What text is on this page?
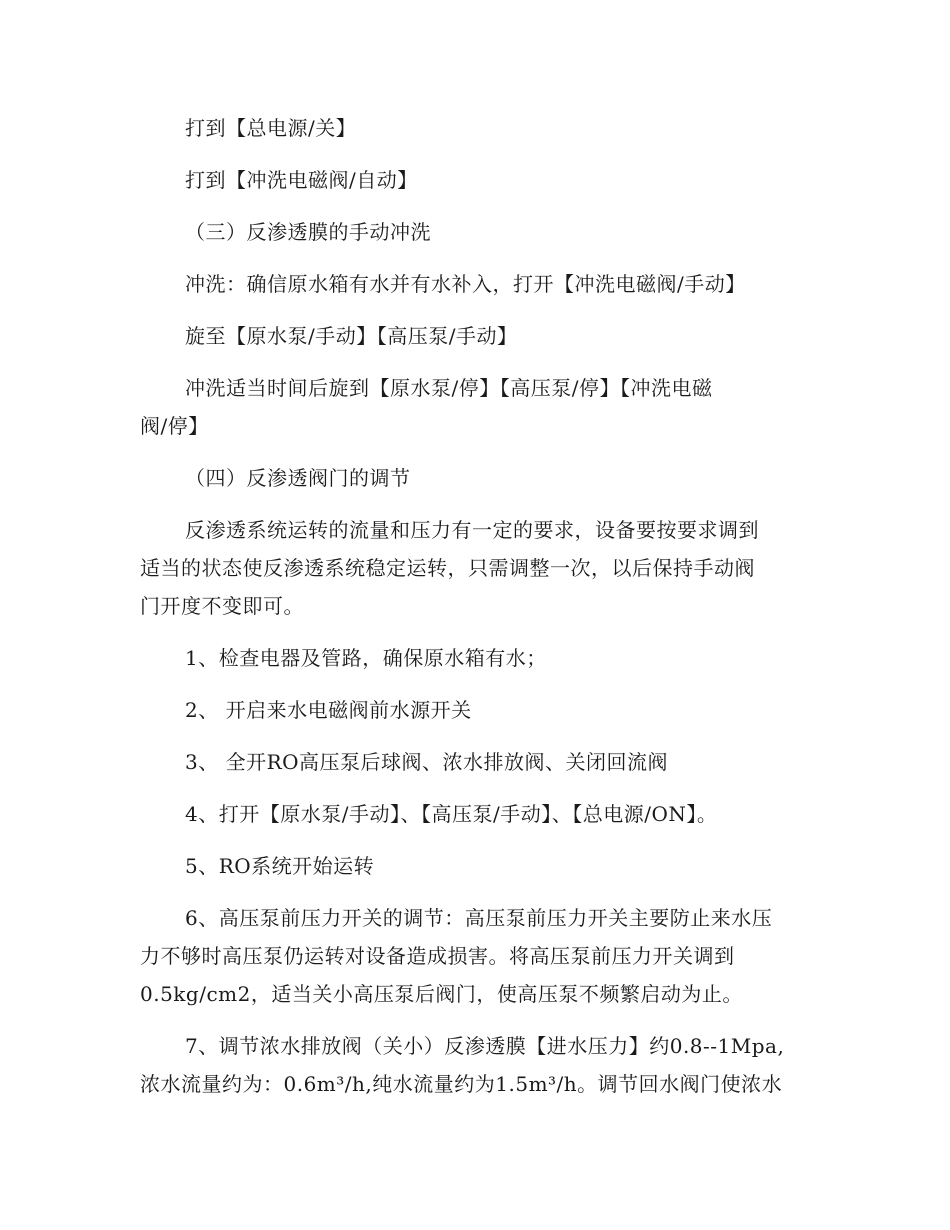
打到【总电源/关】

打到【冲洗电磁阀/自动】

（三）反渗透膜的手动冲洗

冲洗：确信原水箱有水并有水补入，打开【冲洗电磁阀/手动】

旋至【原水泵/手动】【高压泵/手动】

冲洗适当时间后旋到【原水泵/停】【高压泵/停】【冲洗电磁

阀/停】

（四）反渗透阀门的调节

反渗透系统运转的流量和压力有一定的要求，设备要按要求调到

适当的状态使反渗透系统稳定运转，只需调整一次，以后保持手动阀

门开度不变即可。

1、检查电器及管路，确保原水箱有水；

2、 开启来水电磁阀前水源开关

3、 全开RO高压泵后球阀、浓水排放阀、关闭回流阀

4、打开【原水泵/手动】、【高压泵/手动】、【总电源/ON】。

5、RO系统开始运转

6、高压泵前压力开关的调节：高压泵前压力开关主要防止来水压

力不够时高压泵仍运转对设备造成损害。将高压泵前压力开关调到

0.5kg/cm2，适当关小高压泵后阀门，使高压泵不频繁启动为止。

7、调节浓水排放阀（关小）反渗透膜【进水压力】约0.8--1Mpa,

浓水流量约为：0.6m³/h,纯水流量约为1.5m³/h。调节回水阀门使浓水
